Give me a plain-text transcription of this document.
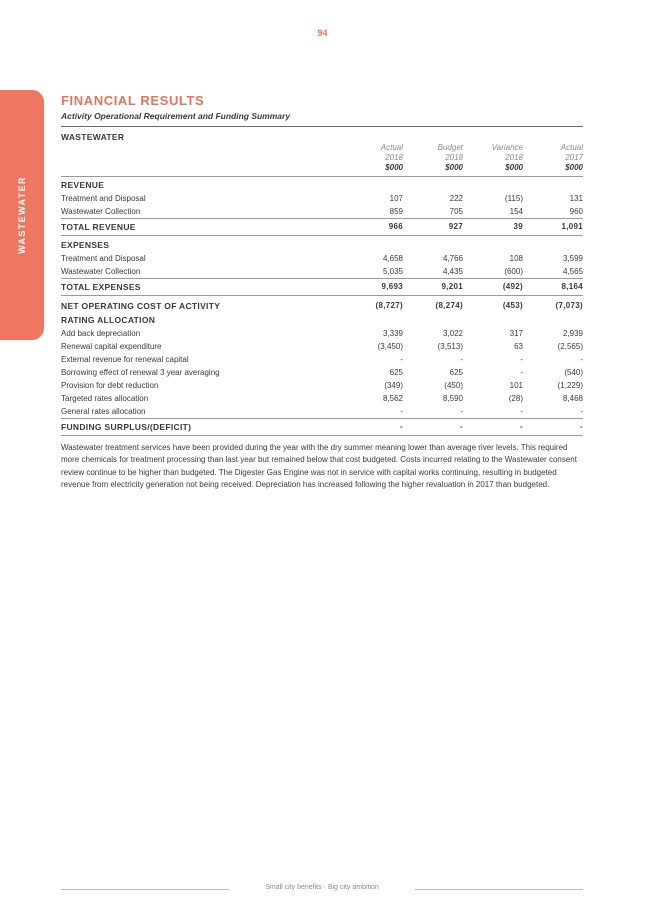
94
WASTEWATER
FINANCIAL RESULTS
Activity Operational Requirement and Funding Summary
WASTEWATER
Actual	Budget	Variance	Actual
2018	2018	2018	2017
$000	$000	$000	$000
REVENUE
Treatment and Disposal	107	222	(115)	131
Wastewater Collection	859	705	154	960
TOTAL REVENUE	966	927	39	1,091
EXPENSES
Treatment and Disposal	4,658	4,766	108	3,599
Wastewater Collection	5,035	4,435	(600)	4,565
TOTAL EXPENSES	9,693	9,201	(492)	8,164
NET OPERATING COST OF ACTIVITY	(8,727)	(8,274)	(453)	(7,073)
RATING ALLOCATION
Add back depreciation	3,339	3,022	317	2,939
Renewal capital expenditure	(3,450)	(3,513)	63	(2,565)
External revenue for renewal capital	-	-	-	-
Borrowing effect of renewal 3 year averaging	625	625	-	(540)
Provision for debt reduction	(349)	(450)	101	(1,229)
Targeted rates allocation	8,562	8,590	(28)	8,468
General rates allocation	-	-	-	-
FUNDING SURPLUS/(DEFICIT)	-	-	-	-

Wastewater treatment services have been provided during the year with the dry summer meaning lower than average river levels. This required more chemicals for treatment processing than last year but remained below that cost budgeted. Costs incurred relating to the Wastewater consent review continue to be higher than budgeted. The Digester Gas Engine was not in service with capital works continuing, resulting in budgeted revenue from electricity generation not being received. Depreciation has increased following the higher revaluation in 2017 than budgeted.

Small city benefits · Big city ambition
